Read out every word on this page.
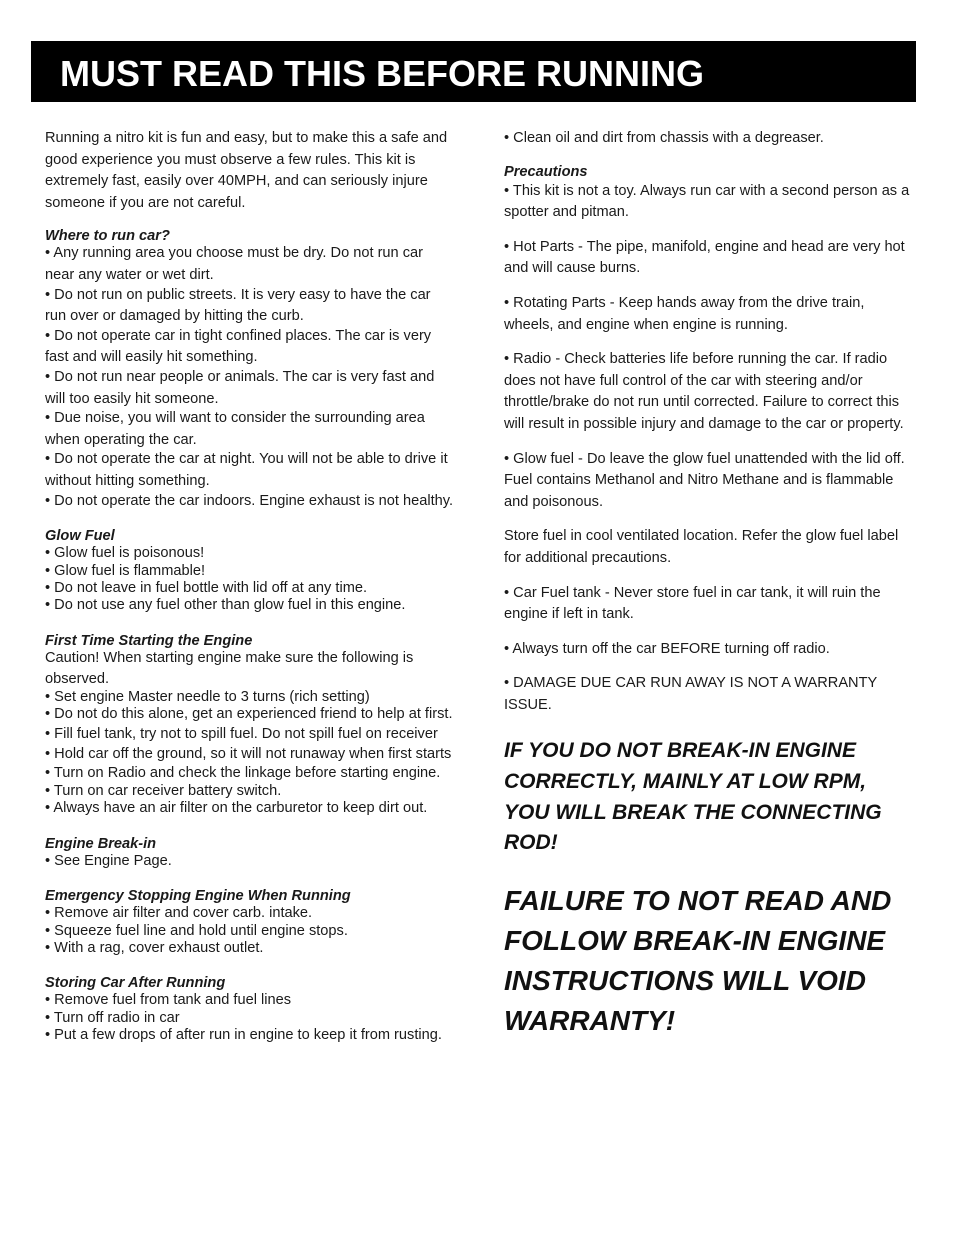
MUST READ THIS BEFORE RUNNING

Running a nitro kit is fun and easy, but to make this a safe and good experience you must observe a few rules. This kit is extremely fast, easily over 40MPH, and can seriously injure someone if you are not careful.

Where to run car?
• Any running area you choose must be dry. Do not run car near any water or wet dirt.
• Do not run on public streets. It is very easy to have the car run over or damaged by hitting the curb.
• Do not operate car in tight confined places. The car is very fast and will easily hit something.
• Do not run near people or animals. The car is very fast and will too easily hit someone.
• Due noise, you will want to consider the surrounding area when operating the car.
• Do not operate the car at night. You will not be able to drive it without hitting something.
• Do not operate the car indoors. Engine exhaust is not healthy.
Glow Fuel
• Glow fuel is poisonous!
• Glow fuel is flammable!
• Do not leave in fuel bottle with lid off at any time.
• Do not use any fuel other than glow fuel in this engine.
First Time Starting the Engine
Caution! When starting engine make sure the following is observed.
• Set engine Master needle to 3 turns (rich setting)
• Do not do this alone, get an experienced friend to help at first.
• Fill fuel tank, try not to spill fuel. Do not spill fuel on receiver
• Hold car off the ground, so it will not runaway when first starts
• Turn on Radio and check the linkage before starting engine.
• Turn on car receiver battery switch.
• Always have an air filter on the carburetor to keep dirt out.
Engine Break-in
• See Engine Page.
Emergency Stopping Engine When Running
• Remove air filter and cover carb. intake.
• Squeeze fuel line and hold until engine stops.
• With a rag, cover exhaust outlet.
Storing Car After Running
• Remove fuel from tank and fuel lines
• Turn off radio in car
• Put a few drops of after run in engine to keep it from rusting.

• Clean oil and dirt from chassis with a degreaser.

Precautions

• This kit is not a toy. Always run car with a second person as a spotter and pitman.

• Hot Parts - The pipe, manifold, engine and head are very hot and will cause burns.

• Rotating Parts - Keep hands away from the drive train, wheels, and engine when engine is running.

• Radio - Check batteries life before running the car. If radio does not have full control of the car with steering and/or throttle/brake do not run until corrected. Failure to correct this will result in possible injury and damage to the car or property.

• Glow fuel - Do leave the glow fuel unattended with the lid off. Fuel contains Methanol and Nitro Methane and is flammable and poisonous.

Store fuel in cool ventilated location. Refer the glow fuel label for additional precautions.

• Car Fuel tank - Never store fuel in car tank, it will ruin the engine if left in tank.

• Always turn off the car BEFORE turning off radio.

• DAMAGE DUE CAR RUN AWAY IS NOT A WARRANTY ISSUE.

IF YOU DO NOT BREAK-IN ENGINE CORRECTLY, MAINLY AT LOW RPM, YOU WILL BREAK THE CONNECTING ROD!

FAILURE TO NOT READ AND FOLLOW BREAK-IN ENGINE INSTRUCTIONS WILL VOID WARRANTY!
